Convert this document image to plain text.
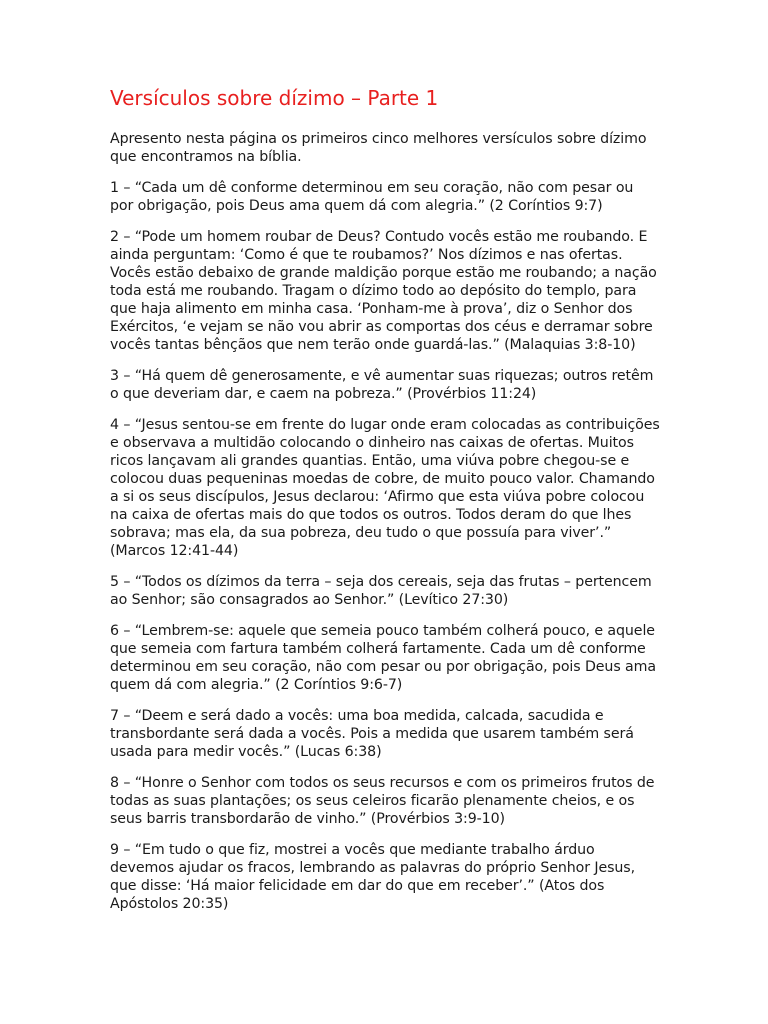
Versículos sobre dízimo – Parte 1

Apresento nesta página os primeiros cinco melhores versículos sobre dízimo que encontramos na bíblia.

1 – “Cada um dê conforme determinou em seu coração, não com pesar ou por obrigação, pois Deus ama quem dá com alegria.” (2 Coríntios 9:7)

2 – “Pode um homem roubar de Deus? Contudo vocês estão me roubando. E ainda perguntam: ‘Como é que te roubamos?’ Nos dízimos e nas ofertas. Vocês estão debaixo de grande maldição porque estão me roubando; a nação toda está me roubando. Tragam o dízimo todo ao depósito do templo, para que haja alimento em minha casa. ‘Ponham-me à prova’, diz o Senhor dos Exércitos, ‘e vejam se não vou abrir as comportas dos céus e derramar sobre vocês tantas bênçãos que nem terão onde guardá-las.” (Malaquias 3:8-10)

3 – “Há quem dê generosamente, e vê aumentar suas riquezas; outros retêm o que deveriam dar, e caem na pobreza.” (Provérbios 11:24)

4 – “Jesus sentou-se em frente do lugar onde eram colocadas as contribuições e observava a multidão colocando o dinheiro nas caixas de ofertas. Muitos ricos lançavam ali grandes quantias. Então, uma viúva pobre chegou-se e colocou duas pequeninas moedas de cobre, de muito pouco valor. Chamando a si os seus discípulos, Jesus declarou: ‘Afirmo que esta viúva pobre colocou na caixa de ofertas mais do que todos os outros. Todos deram do que lhes sobrava; mas ela, da sua pobreza, deu tudo o que possuía para viver’.” (Marcos 12:41-44)

5 – “Todos os dízimos da terra – seja dos cereais, seja das frutas – pertencem ao Senhor; são consagrados ao Senhor.” (Levítico 27:30)

6 – “Lembrem-se: aquele que semeia pouco também colherá pouco, e aquele que semeia com fartura também colherá fartamente. Cada um dê conforme determinou em seu coração, não com pesar ou por obrigação, pois Deus ama quem dá com alegria.” (2 Coríntios 9:6-7)

7 – “Deem e será dado a vocês: uma boa medida, calcada, sacudida e transbordante será dada a vocês. Pois a medida que usarem também será usada para medir vocês.” (Lucas 6:38)

8 – “Honre o Senhor com todos os seus recursos e com os primeiros frutos de todas as suas plantações; os seus celeiros ficarão plenamente cheios, e os seus barris transbordarão de vinho.” (Provérbios 3:9-10)

9 – “Em tudo o que fiz, mostrei a vocês que mediante trabalho árduo devemos ajudar os fracos, lembrando as palavras do próprio Senhor Jesus, que disse: ‘Há maior felicidade em dar do que em receber’.” (Atos dos Apóstolos 20:35)
